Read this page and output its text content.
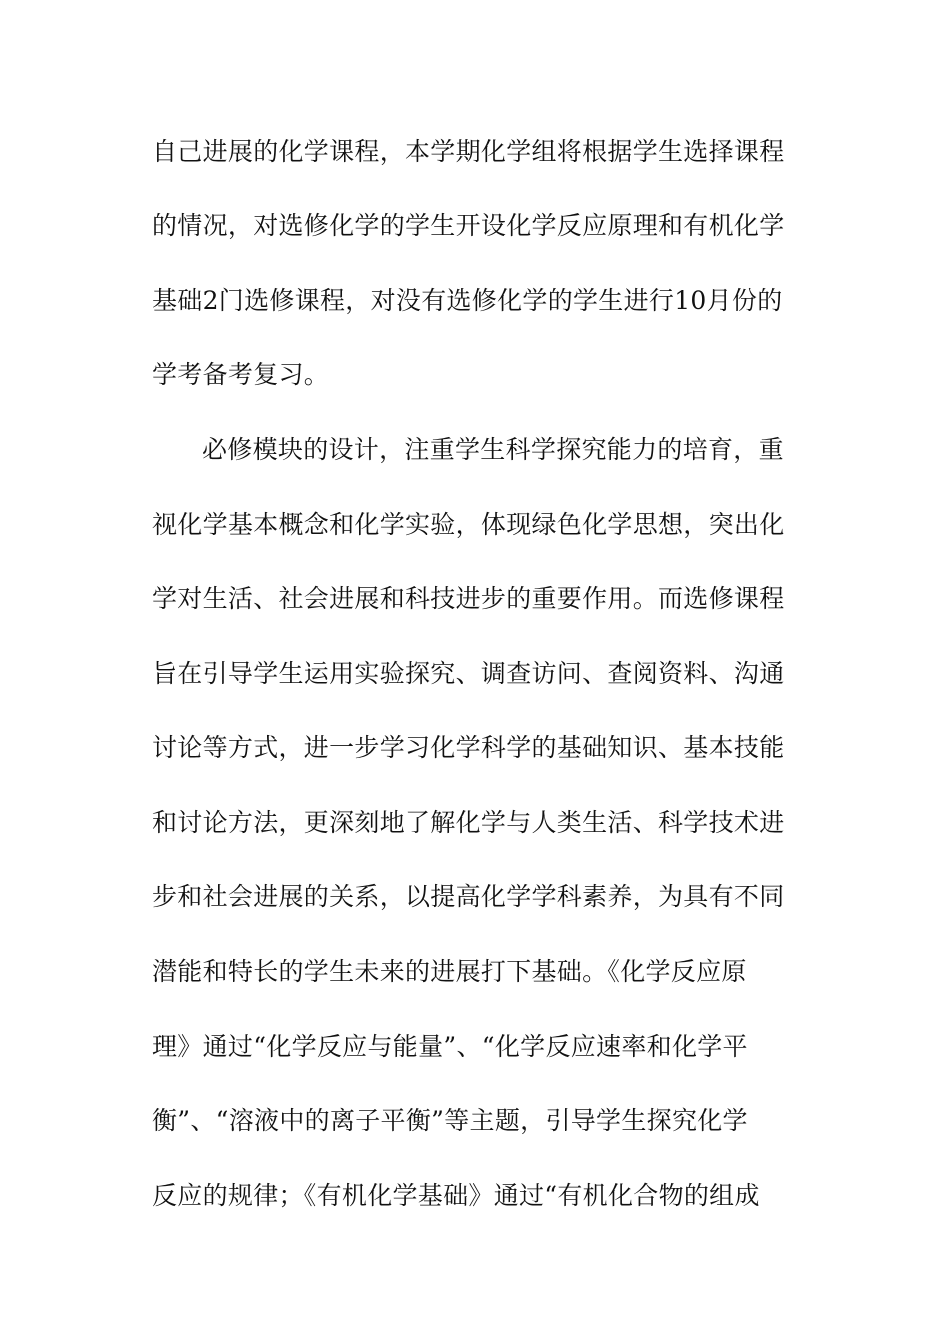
自己进展的化学课程，本学期化学组将根据学生选择课程
的情况，对选修化学的学生开设化学反应原理和有机化学
基础2门选修课程，对没有选修化学的学生进行10月份的
学考备考复习。
必修模块的设计，注重学生科学探究能力的培育，重
视化学基本概念和化学实验，体现绿色化学思想，突出化
学对生活、社会进展和科技进步的重要作用。而选修课程
旨在引导学生运用实验探究、调查访问、查阅资料、沟通
讨论等方式，进一步学习化学科学的基础知识、基本技能
和讨论方法，更深刻地了解化学与人类生活、科学技术进
步和社会进展的关系，以提高化学学科素养，为具有不同
潜能和特长的学生未来的进展打下基础。《化学反应原
理》通过“化学反应与能量”、“化学反应速率和化学平
衡”、“溶液中的离子平衡”等主题，引导学生探究化学
反应的规律；《有机化学基础》通过“有机化合物的组成
